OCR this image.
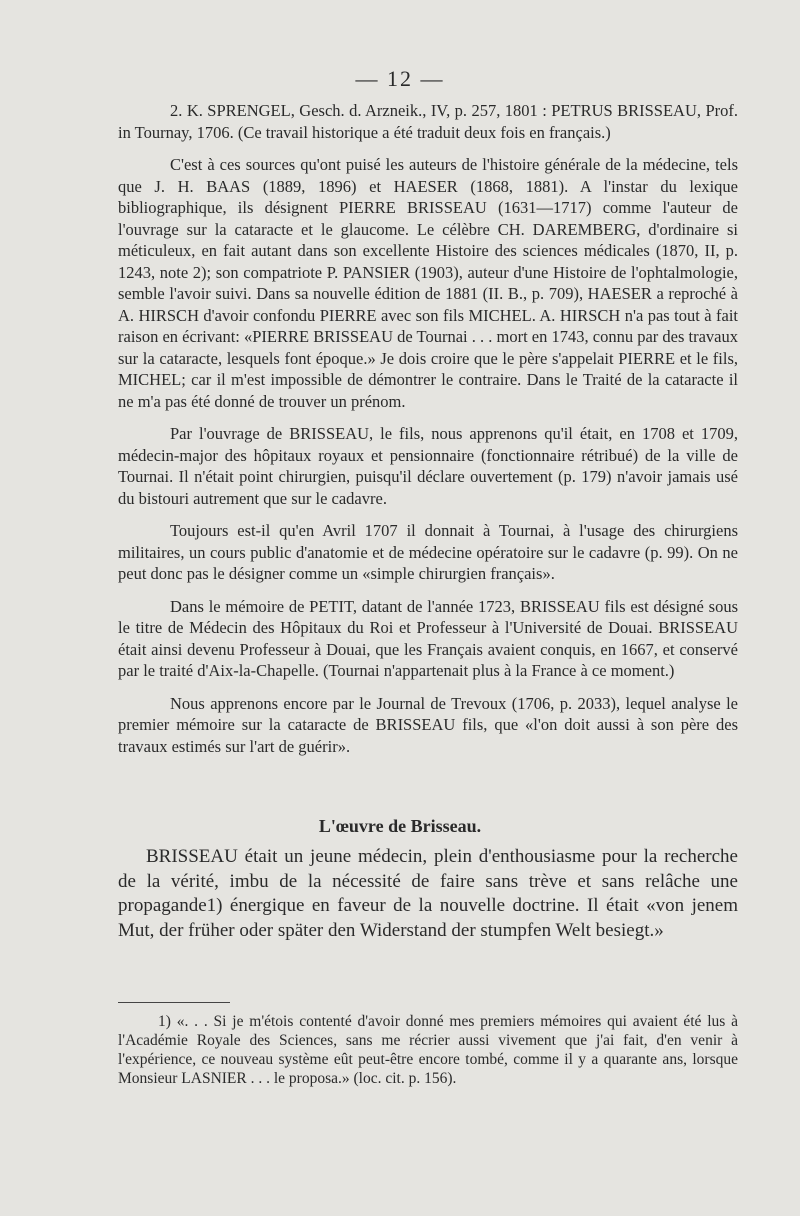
— 12 —

2. K. SPRENGEL, Gesch. d. Arzneik., IV, p. 257, 1801 : PETRUS BRISSEAU, Prof. in Tournay, 1706. (Ce travail historique a été traduit deux fois en français.)

C'est à ces sources qu'ont puisé les auteurs de l'histoire générale de la médecine, tels que J. H. BAAS (1889, 1896) et HAESER (1868, 1881). A l'instar du lexique bibliographique, ils désignent PIERRE BRISSEAU (1631—1717) comme l'auteur de l'ouvrage sur la cataracte et le glaucome. Le célèbre CH. DAREMBERG, d'ordinaire si méticuleux, en fait autant dans son excellente Histoire des sciences médicales (1870, II, p. 1243, note 2); son compatriote P. PANSIER (1903), auteur d'une Histoire de l'ophtalmologie, semble l'avoir suivi. Dans sa nouvelle édition de 1881 (II. B., p. 709), HAESER a reproché à A. HIRSCH d'avoir confondu PIERRE avec son fils MICHEL. A. HIRSCH n'a pas tout à fait raison en écrivant: «PIERRE BRISSEAU de Tournai . . . mort en 1743, connu par des travaux sur la cataracte, lesquels font époque.» Je dois croire que le père s'appelait PIERRE et le fils, MICHEL; car il m'est impossible de démontrer le contraire. Dans le Traité de la cataracte il ne m'a pas été donné de trouver un prénom.

Par l'ouvrage de BRISSEAU, le fils, nous apprenons qu'il était, en 1708 et 1709, médecin-major des hôpitaux royaux et pensionnaire (fonctionnaire rétribué) de la ville de Tournai. Il n'était point chirurgien, puisqu'il déclare ouvertement (p. 179) n'avoir jamais usé du bistouri autrement que sur le cadavre.

Toujours est-il qu'en Avril 1707 il donnait à Tournai, à l'usage des chirurgiens militaires, un cours public d'anatomie et de médecine opératoire sur le cadavre (p. 99). On ne peut donc pas le désigner comme un «simple chirurgien français».

Dans le mémoire de PETIT, datant de l'année 1723, BRISSEAU fils est désigné sous le titre de Médecin des Hôpitaux du Roi et Professeur à l'Université de Douai. BRISSEAU était ainsi devenu Professeur à Douai, que les Français avaient conquis, en 1667, et conservé par le traité d'Aix-la-Chapelle. (Tournai n'appartenait plus à la France à ce moment.)

Nous apprenons encore par le Journal de Trevoux (1706, p. 2033), lequel analyse le premier mémoire sur la cataracte de BRISSEAU fils, que «l'on doit aussi à son père des travaux estimés sur l'art de guérir».

L'œuvre de Brisseau.

BRISSEAU était un jeune médecin, plein d'enthousiasme pour la recherche de la vérité, imbu de la nécessité de faire sans trève et sans relâche une propagande1) énergique en faveur de la nouvelle doctrine. Il était «von jenem Mut, der früher oder später den Widerstand der stumpfen Welt besiegt.»

1) «. . . Si je m'étois contenté d'avoir donné mes premiers mémoires qui avaient été lus à l'Académie Royale des Sciences, sans me récrier aussi vivement que j'ai fait, d'en venir à l'expérience, ce nouveau système eût peut-être encore tombé, comme il y a quarante ans, lorsque Monsieur LASNIER . . . le proposa.» (loc. cit. p. 156).
